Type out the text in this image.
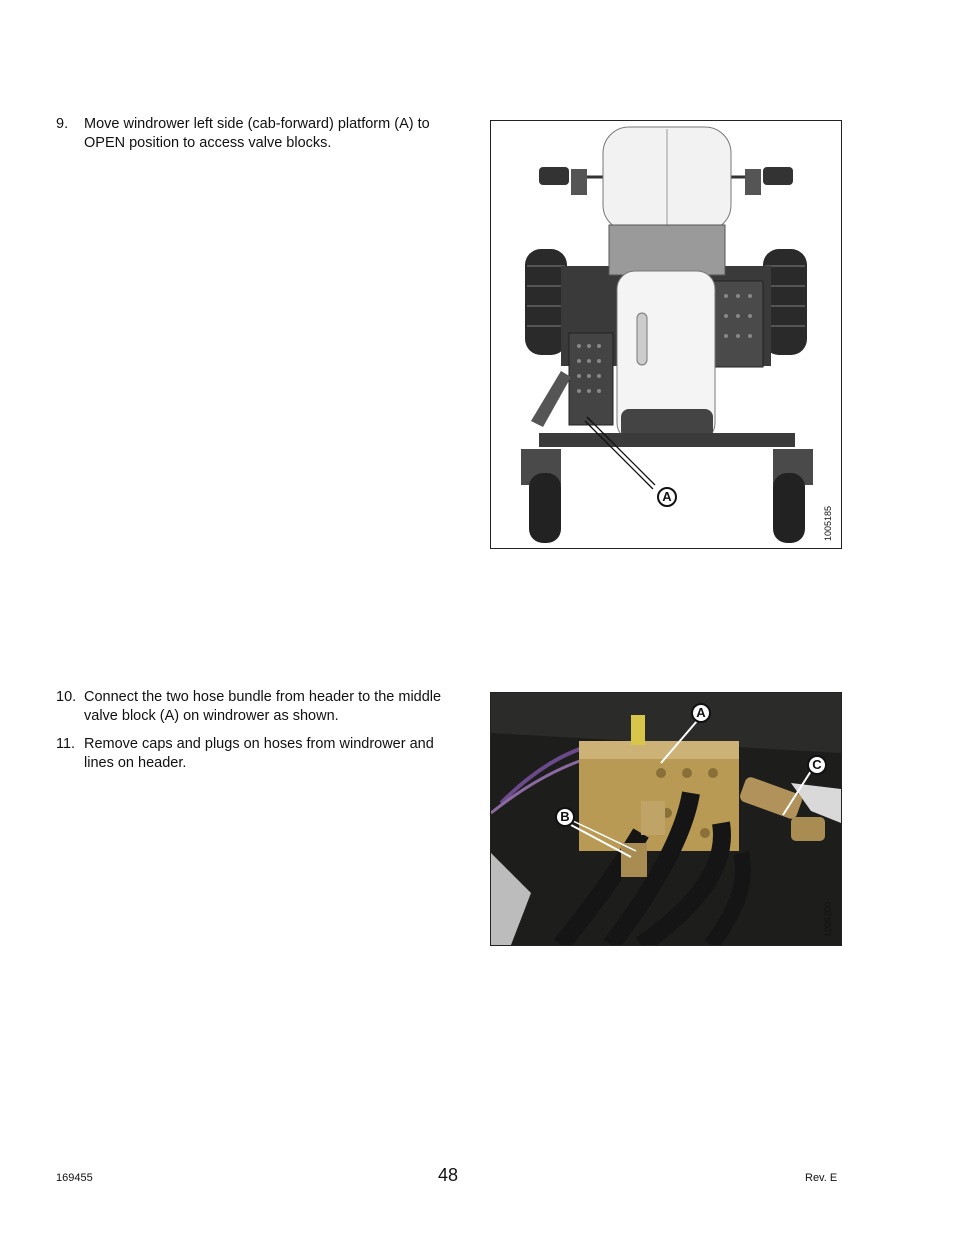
9. Move windrower left side (cab-forward) platform (A) to OPEN position to access valve blocks.
A
1005185
10. Connect the two hose bundle from header to the middle valve block (A) on windrower as shown.
11. Remove caps and plugs on hoses from windrower and lines on header.
A
B
C
1005200
169455	48	Rev. E
